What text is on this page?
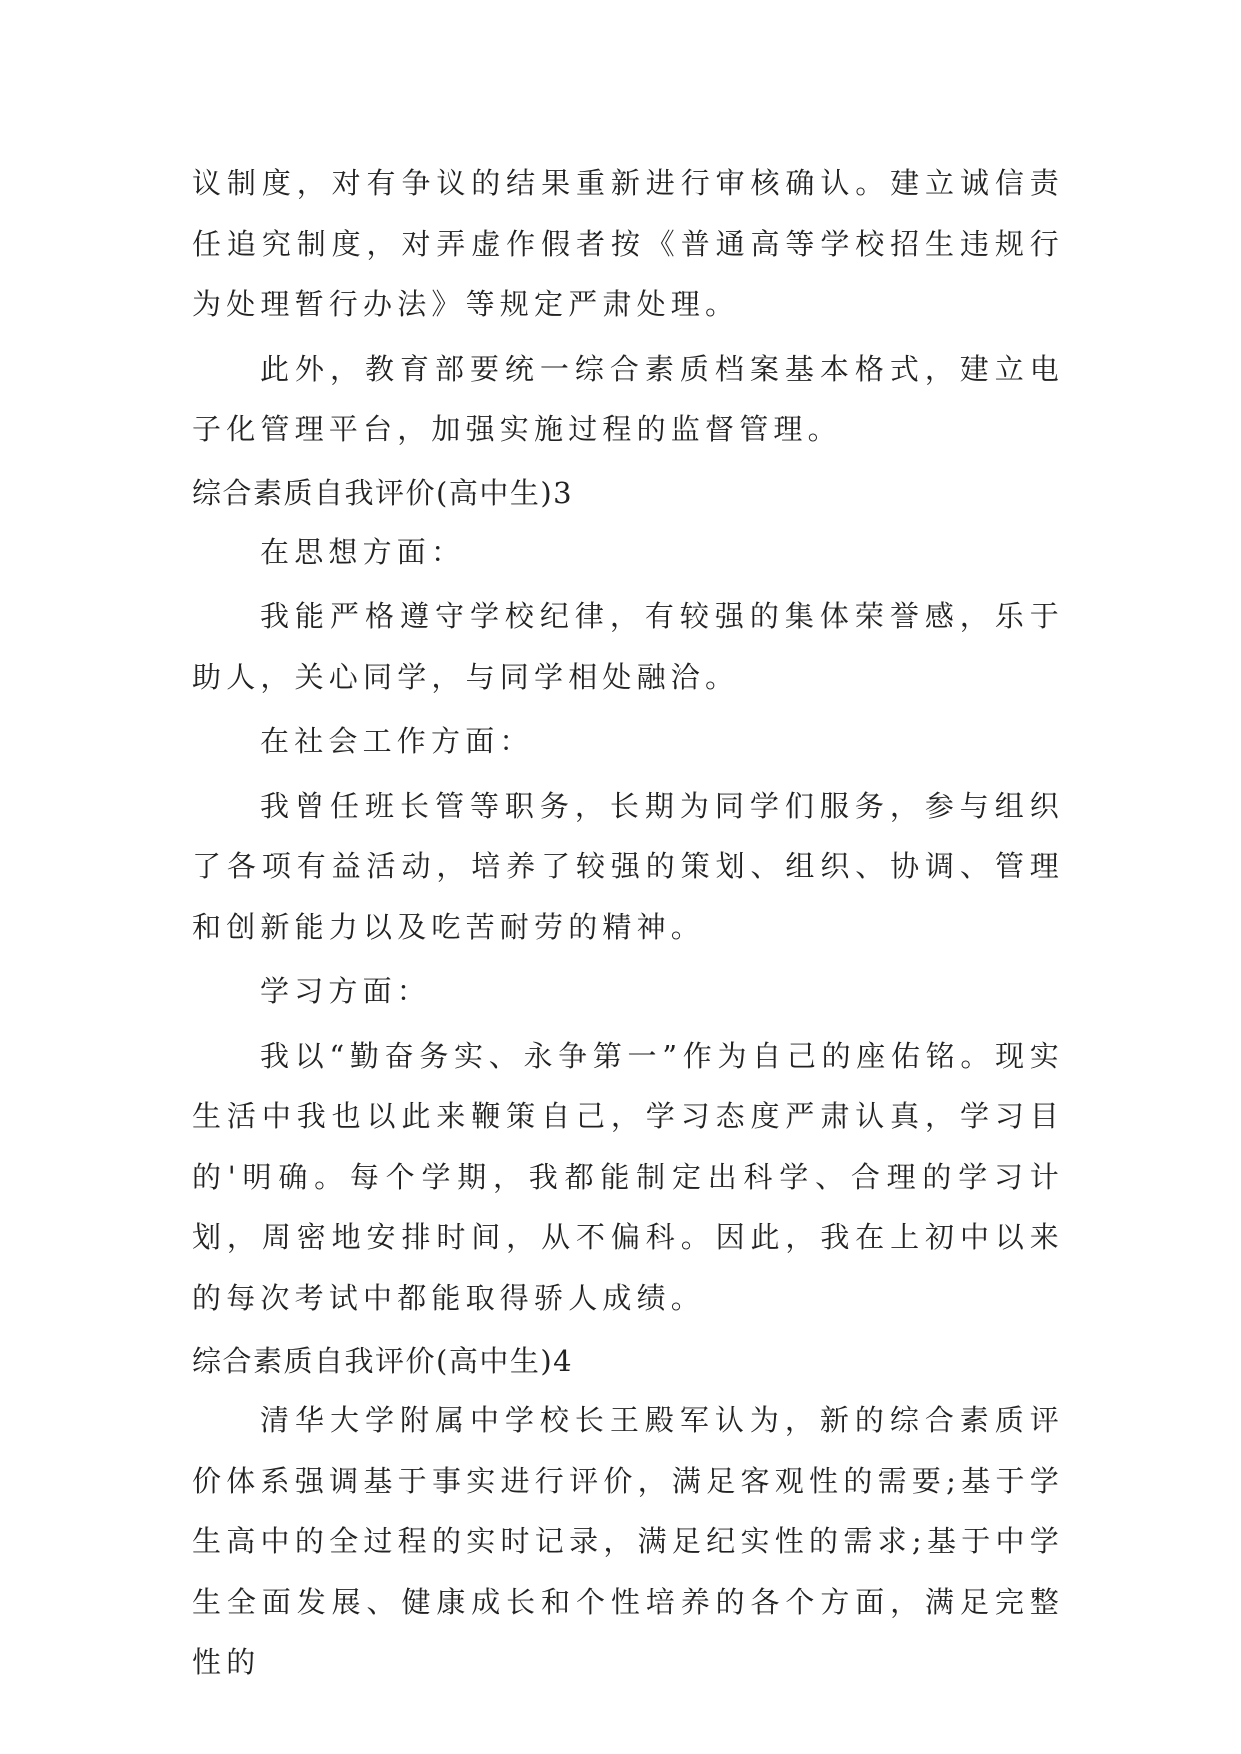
议制度，对有争议的结果重新进行审核确认。建立诚信责任追究制度，对弄虚作假者按《普通高等学校招生违规行为处理暂行办法》等规定严肃处理。

此外，教育部要统一综合素质档案基本格式，建立电子化管理平台，加强实施过程的监督管理。

综合素质自我评价(高中生)3

在思想方面：

我能严格遵守学校纪律，有较强的集体荣誉感，乐于助人，关心同学，与同学相处融洽。

在社会工作方面：

我曾任班长管等职务，长期为同学们服务，参与组织了各项有益活动，培养了较强的策划、组织、协调、管理和创新能力以及吃苦耐劳的精神。

学习方面：

我以“勤奋务实、永争第一”作为自己的座佑铭。现实生活中我也以此来鞭策自己，学习态度严肃认真，学习目的'明确。每个学期，我都能制定出科学、合理的学习计划，周密地安排时间，从不偏科。因此，我在上初中以来的每次考试中都能取得骄人成绩。

综合素质自我评价(高中生)4

清华大学附属中学校长王殿军认为，新的综合素质评价体系强调基于事实进行评价，满足客观性的需要;基于学生高中的全过程的实时记录，满足纪实性的需求;基于中学生全面发展、健康成长和个性培养的各个方面，满足完整性的
